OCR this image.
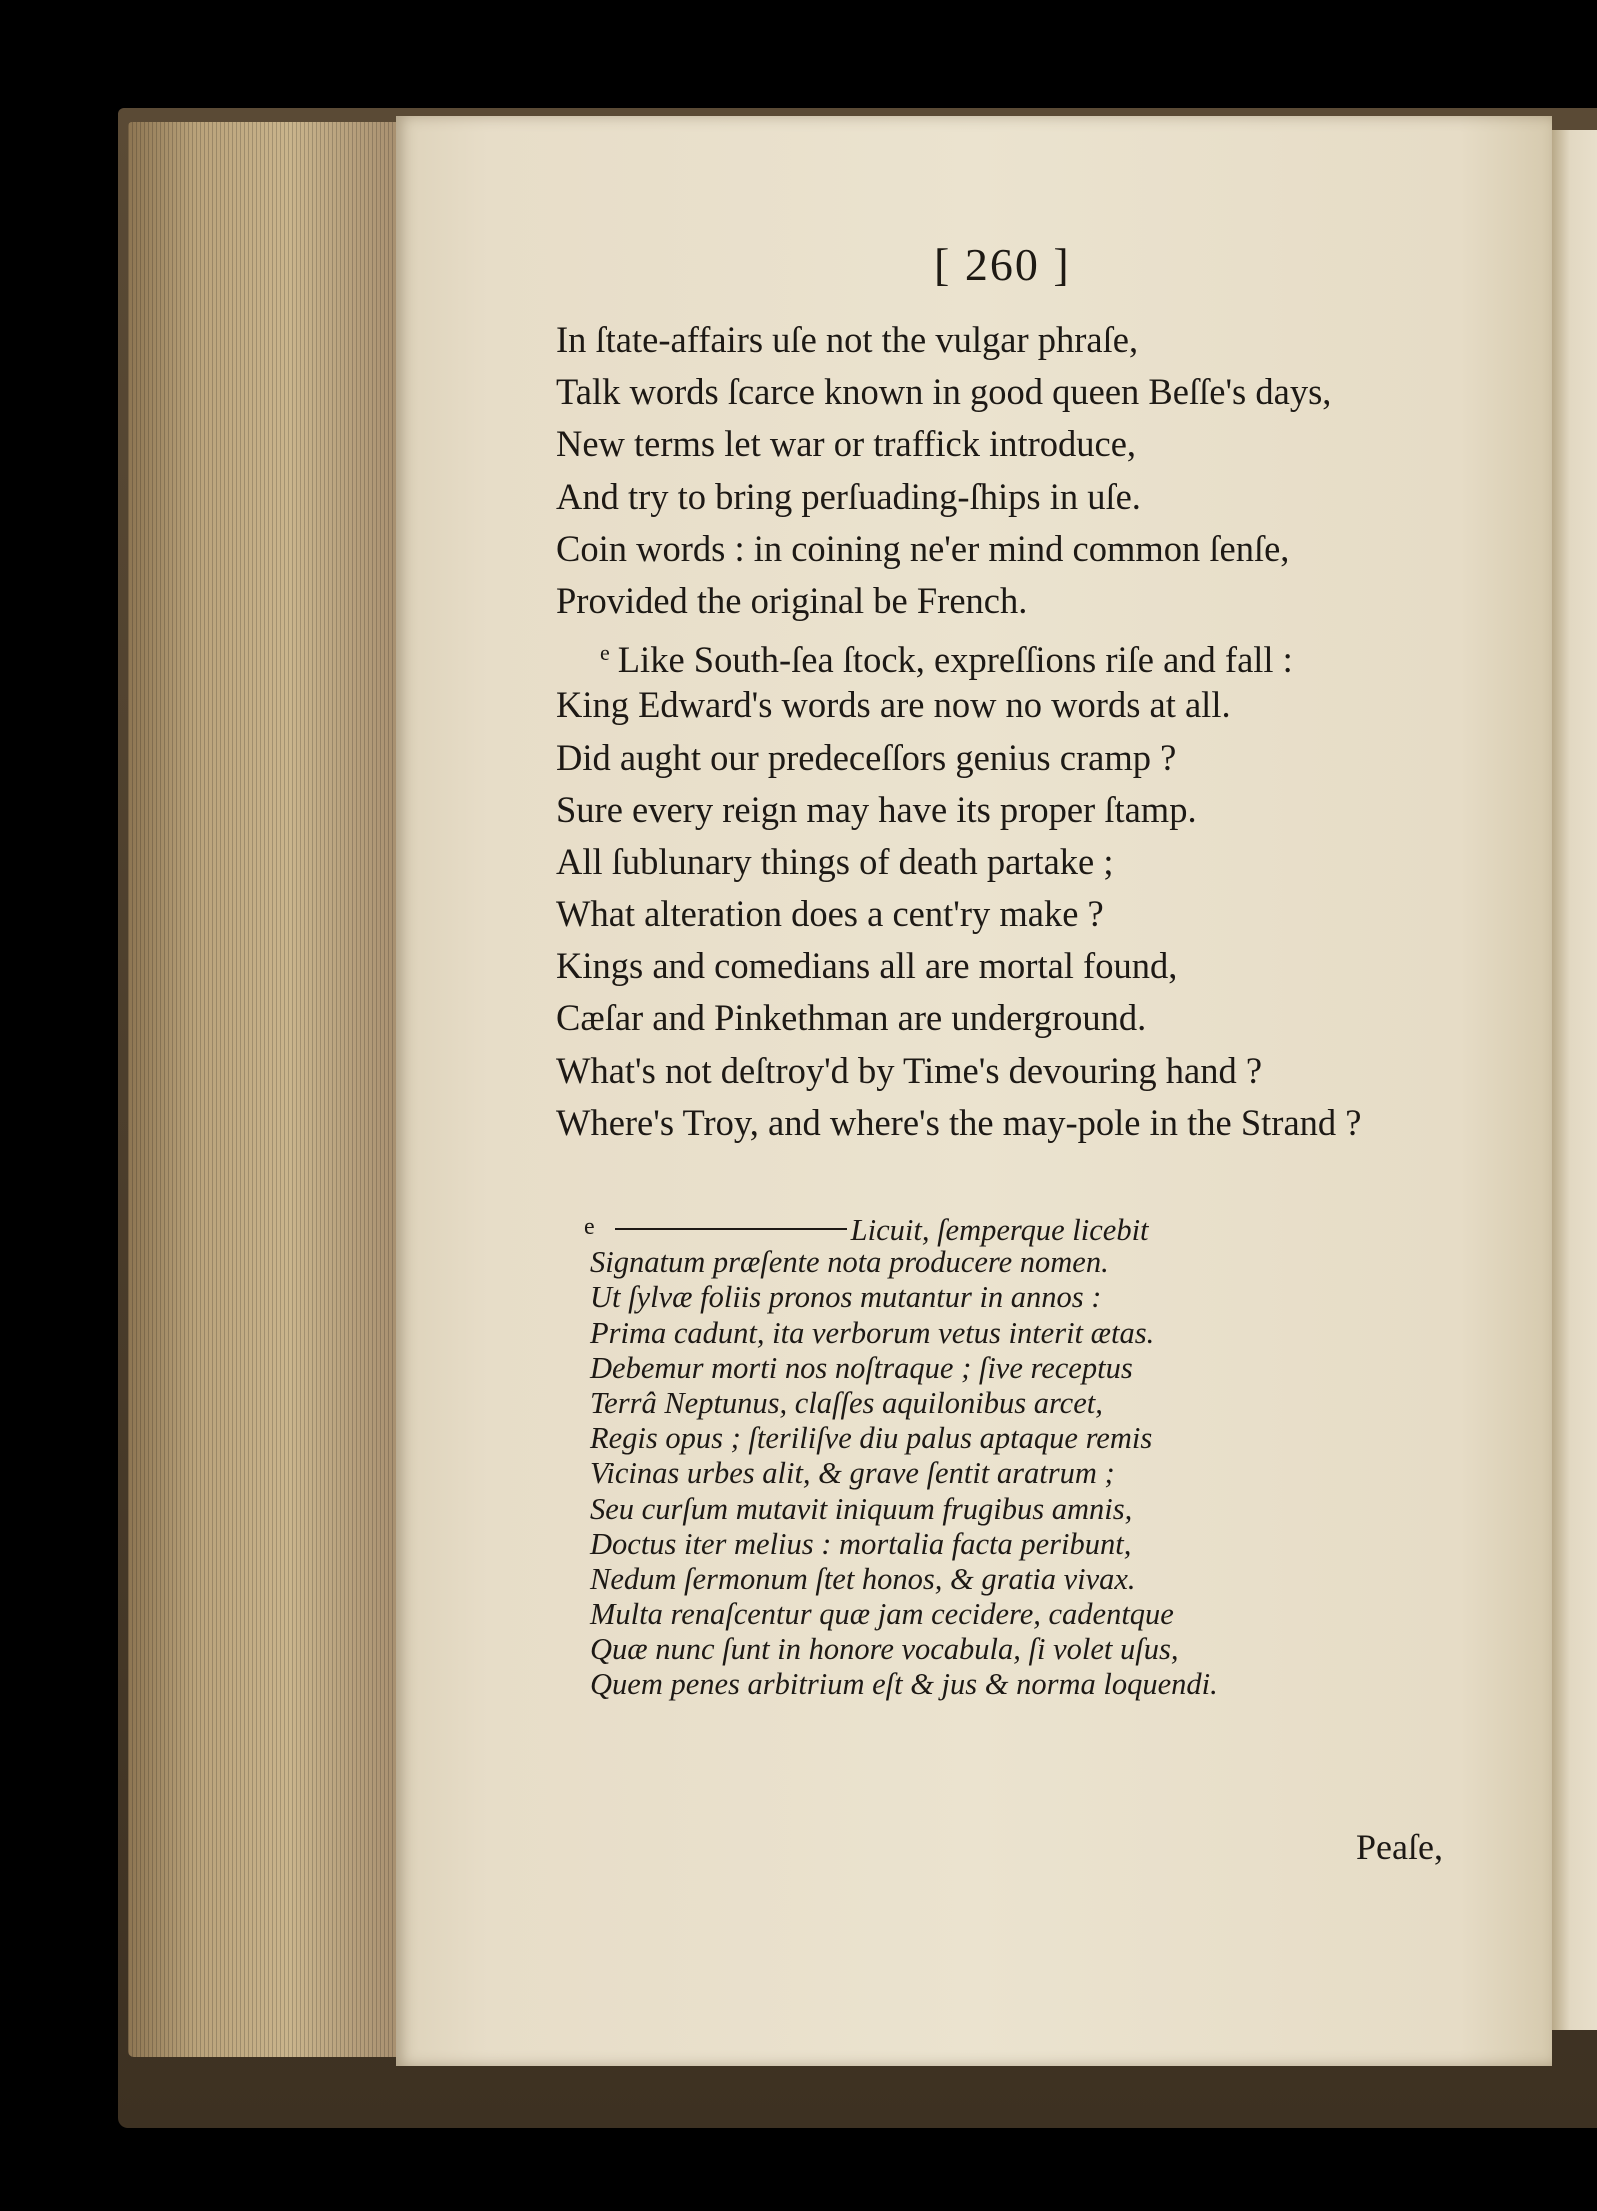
[ 260 ]
In ſtate-affairs uſe not the vulgar phraſe,
Talk words ſcarce known in good queen Beſſe's days,
New terms let war or traffick introduce,
And try to bring perſuading-ſhips in uſe.
Coin words : in coining ne'er mind common ſenſe,
Provided the original be French.
$^e$ Like South-ſea ſtock, expreſſions riſe and fall :
King Edward's words are now no words at all.
Did aught our predeceſſors genius cramp ?
Sure every reign may have its proper ſtamp.
All ſublunary things of death partake ;
What alteration does a cent'ry make ?
Kings and comedians all are mortal found,
Cæſar and Pinkethman are underground.
What's not deſtroy'd by Time's devouring hand ?
Where's Troy, and where's the may-pole in the Strand ?
e	Licuit, ſemperque licebit
Signatum præſente nota producere nomen.
Ut ſylvæ foliis pronos mutantur in annos :
Prima cadunt, ita verborum vetus interit ætas.
Debemur morti nos noſtraque ; ſive receptus
Terrâ Neptunus, claſſes aquilonibus arcet,
Regis opus ; ſteriliſve diu palus aptaque remis
Vicinas urbes alit, & grave ſentit aratrum ;
Seu curſum mutavit iniquum frugibus amnis,
Doctus iter melius : mortalia facta peribunt,
Nedum ſermonum ſtet honos, & gratia vivax.
Multa renaſcentur quæ jam cecidere, cadentque
Quæ nunc ſunt in honore vocabula, ſi volet uſus,
Quem penes arbitrium eſt & jus & norma loquendi.
Peaſe,
